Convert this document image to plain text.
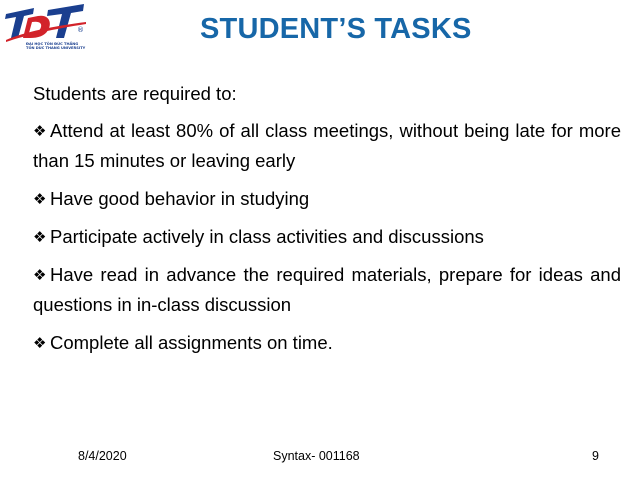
®
ĐẠI HỌC TÔN ĐỨC THẮNG
TON DUC THANG UNIVERSITY
STUDENT’S TASKS

Students are required to:

❖ Attend at least 80% of all class meetings, without being late for more than 15 minutes or leaving early

❖ Have good behavior in studying

❖ Participate actively in class activities and discussions

❖ Have read in advance the required materials, prepare for ideas and questions in in-class discussion

❖ Complete all assignments on time.

8/4/2020	Syntax- 001168	9
